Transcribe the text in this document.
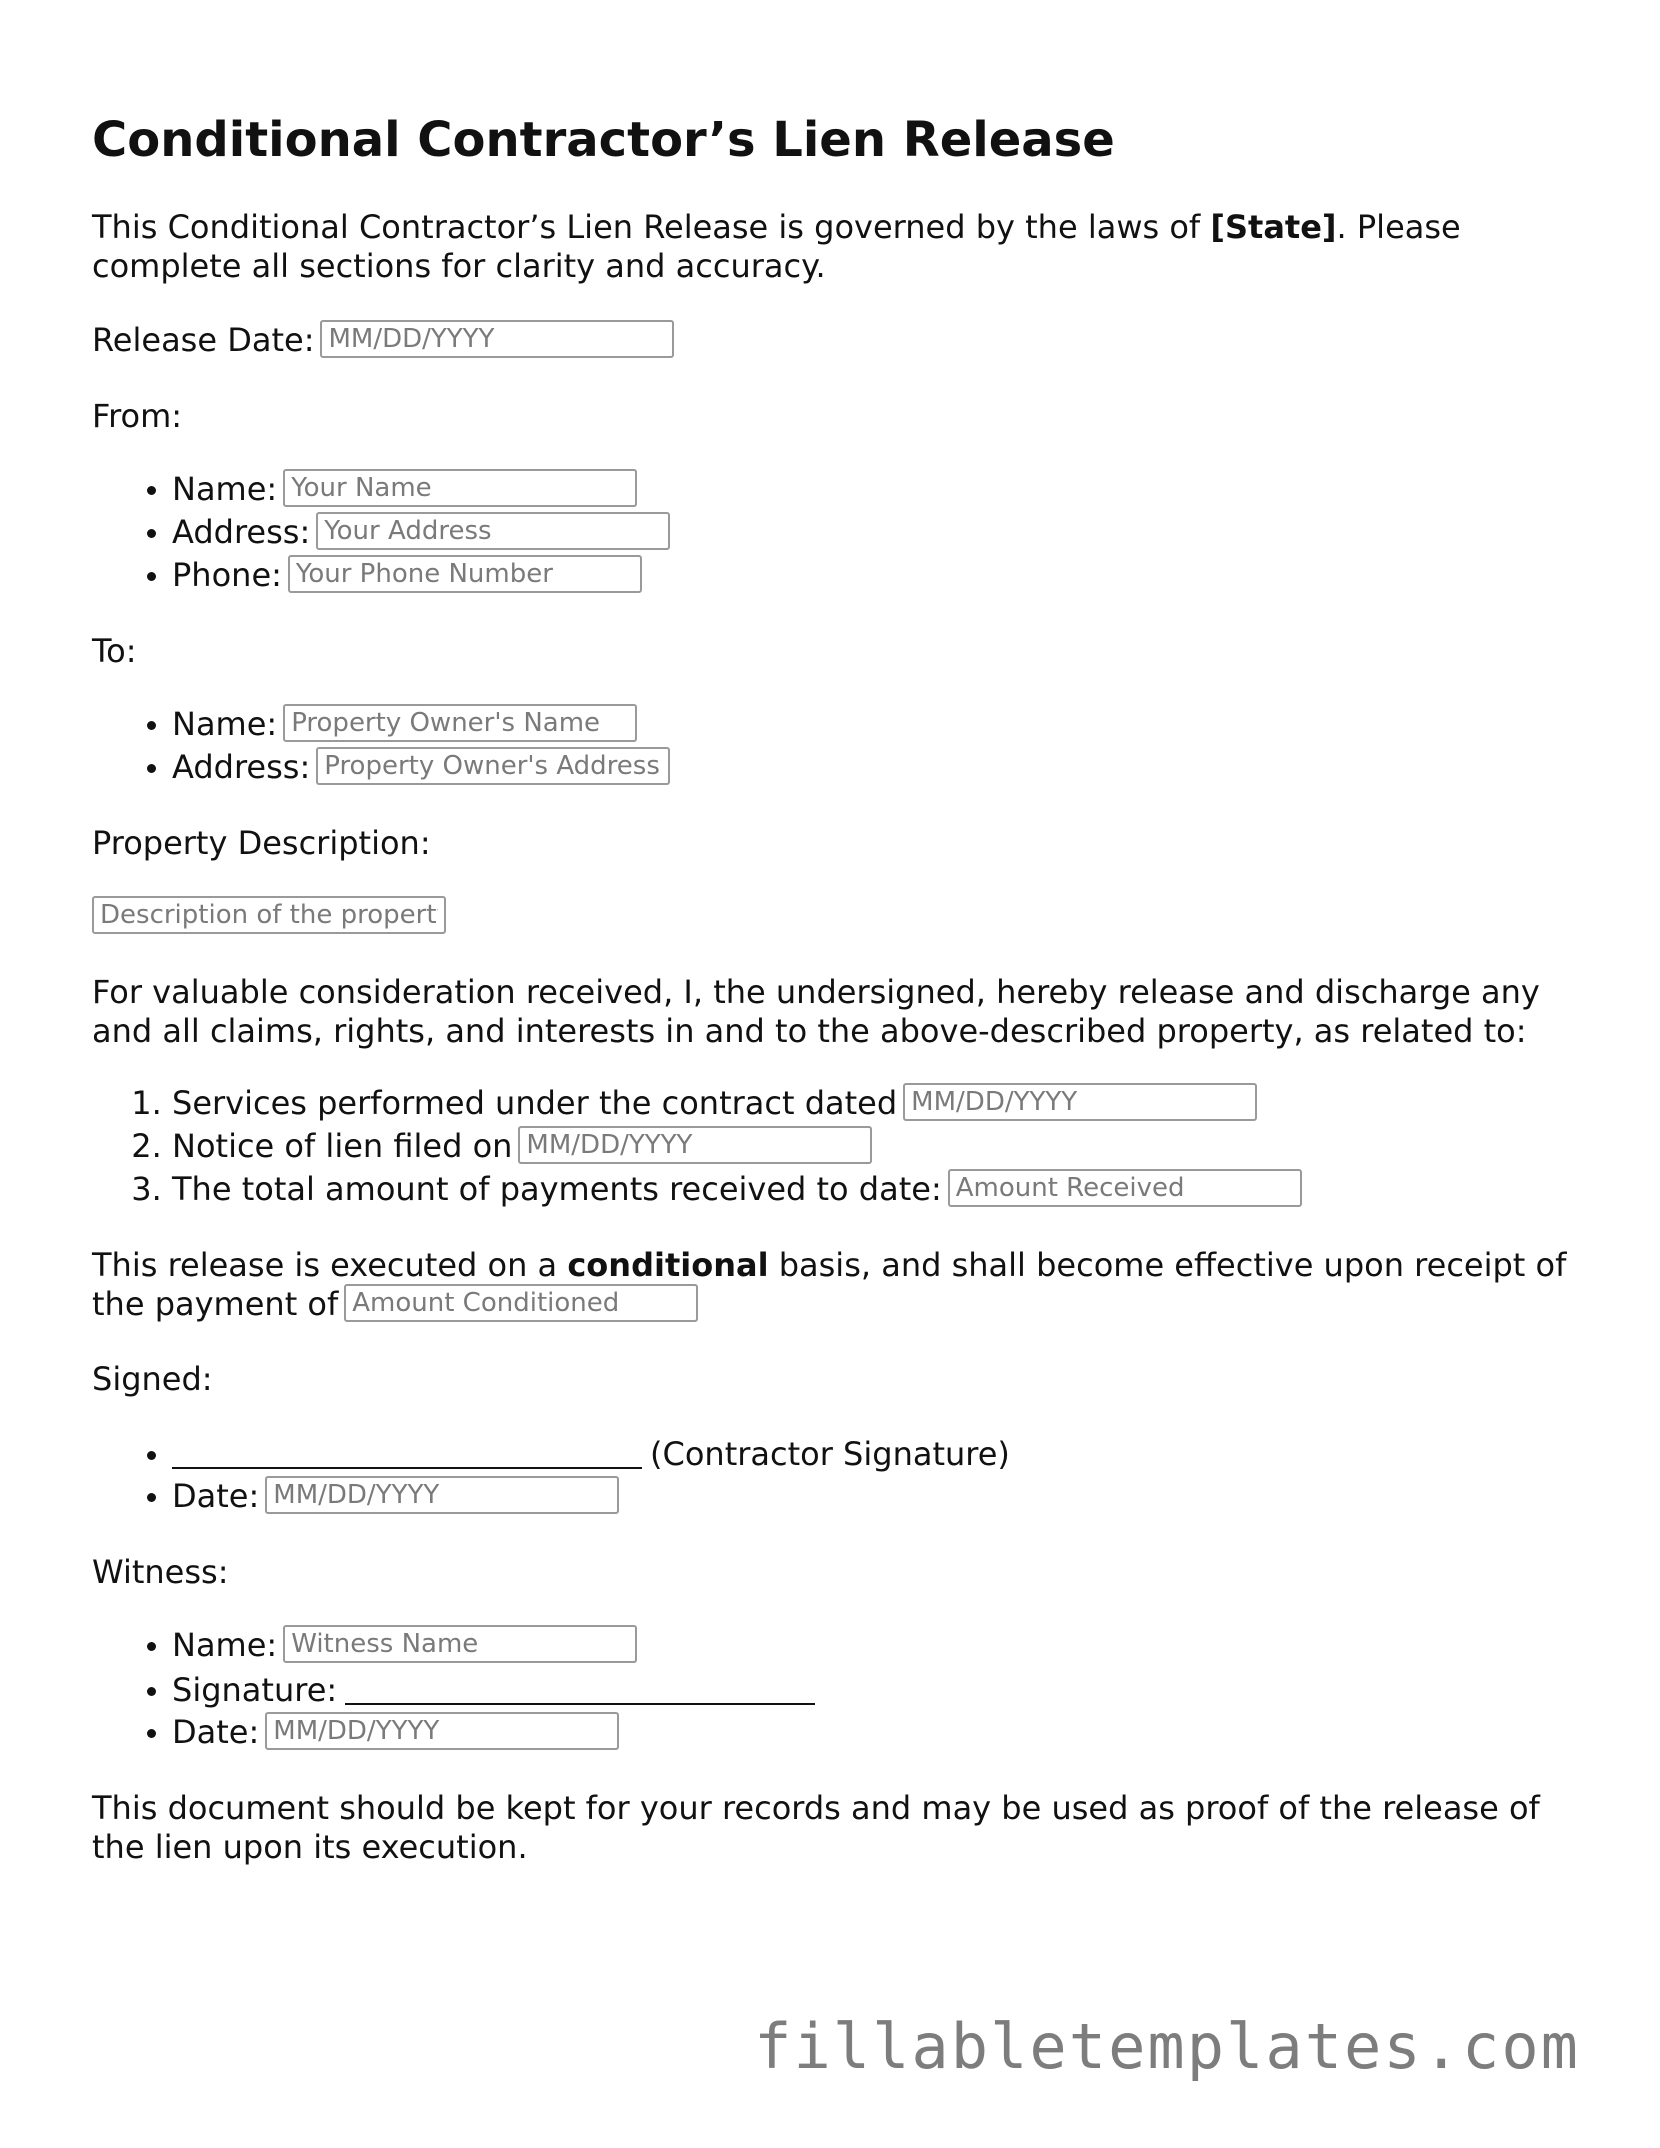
Conditional Contractor’s Lien Release

This Conditional Contractor’s Lien Release is governed by the laws of [State]. Please complete all sections for clarity and accuracy.

Release Date:MM/DD/YYYY
From:
• Name:Your Name
• Address:Your Address
• Phone:Your Phone Number
To:
• Name:Property Owner's Name
• Address:Property Owner's Address
Property Description:
Description of the property

For valuable consideration received, I, the undersigned, hereby release and discharge any and all claims, rights, and interests in and to the above-described property, as related to:

1. Services performed under the contract datedMM/DD/YYYY
2. Notice of lien filed onMM/DD/YYYY
3. The total amount of payments received to date:Amount Received

This release is executed on a conditional basis, and shall become effective upon receipt of the payment ofAmount Conditioned

Signed:
• (Contractor Signature)
• Date:MM/DD/YYYY
Witness:
• Name:Witness Name
• Signature:
• Date:MM/DD/YYYY

This document should be kept for your records and may be used as proof of the release of the lien upon its execution.

fillabletemplates.com
